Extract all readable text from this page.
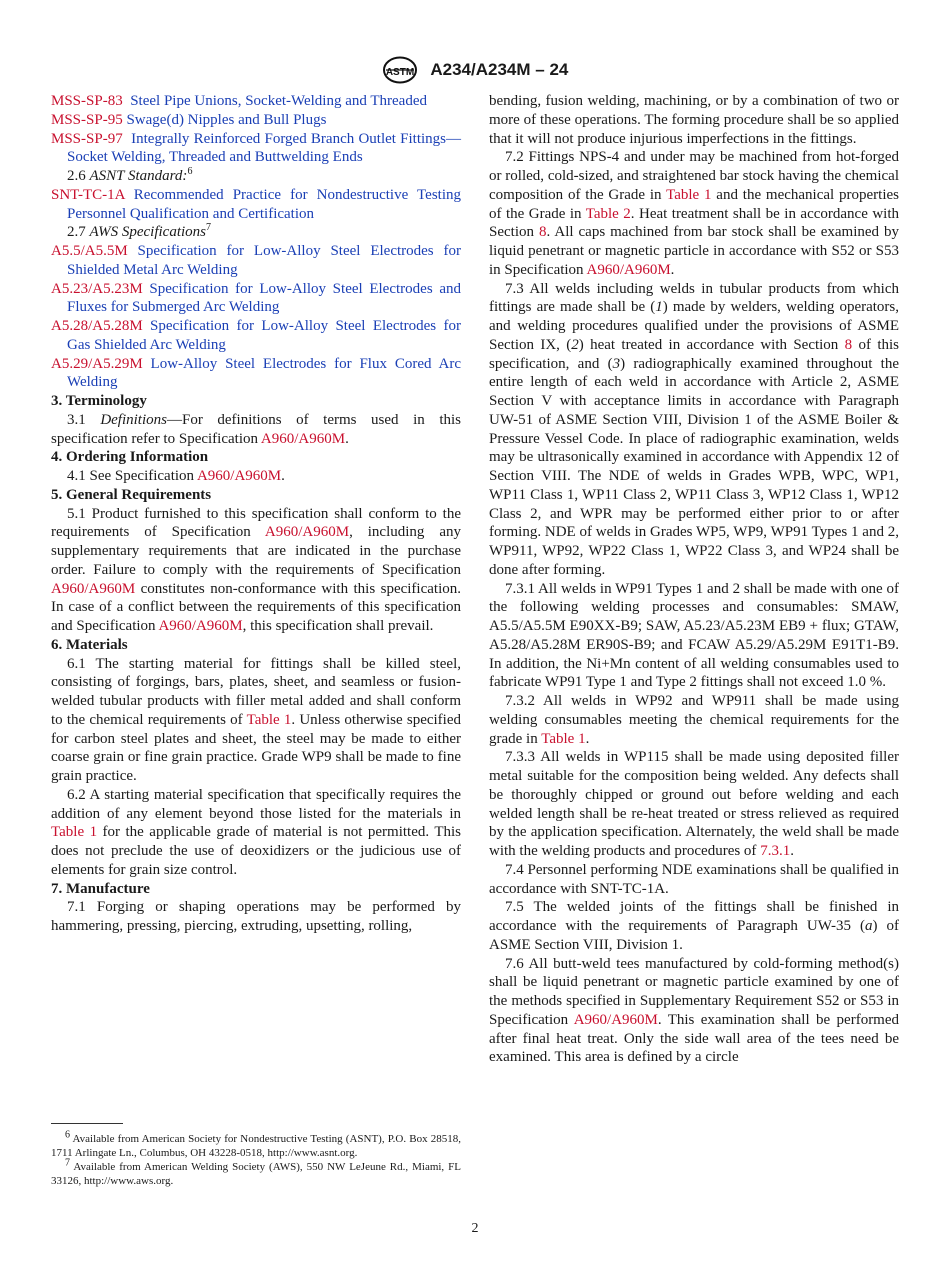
ASTM A234/A234M – 24

MSS-SP-83 Steel Pipe Unions, Socket-Welding and Threaded

MSS-SP-95 Swage(d) Nipples and Bull Plugs

MSS-SP-97 Integrally Reinforced Forged Branch Outlet Fittings—Socket Welding, Threaded and Buttwelding Ends

2.6 ASNT Standard:$^6$

SNT-TC-1A Recommended Practice for Nondestructive Testing Personnel Qualification and Certification

2.7 AWS Specifications$^7$

A5.5/A5.5M Specification for Low-Alloy Steel Electrodes for Shielded Metal Arc Welding

A5.23/A5.23M Specification for Low-Alloy Steel Electrodes and Fluxes for Submerged Arc Welding

A5.28/A5.28M Specification for Low-Alloy Steel Electrodes for Gas Shielded Arc Welding

A5.29/A5.29M Low-Alloy Steel Electrodes for Flux Cored Arc Welding

3. Terminology

3.1 Definitions—For definitions of terms used in this specification refer to Specification A960/A960M.

4. Ordering Information

4.1 See Specification A960/A960M.

5. General Requirements

5.1 Product furnished to this specification shall conform to the requirements of Specification A960/A960M, including any supplementary requirements that are indicated in the purchase order. Failure to comply with the requirements of Specification A960/A960M constitutes non-conformance with this specification. In case of a conflict between the requirements of this specification and Specification A960/A960M, this specification shall prevail.

6. Materials

6.1 The starting material for fittings shall be killed steel, consisting of forgings, bars, plates, sheet, and seamless or fusion-welded tubular products with filler metal added and shall conform to the chemical requirements of Table 1. Unless otherwise specified for carbon steel plates and sheet, the steel may be made to either coarse grain or fine grain practice. Grade WP9 shall be made to fine grain practice.

6.2 A starting material specification that specifically requires the addition of any element beyond those listed for the materials in Table 1 for the applicable grade of material is not permitted. This does not preclude the use of deoxidizers or the judicious use of elements for grain size control.

7. Manufacture

7.1 Forging or shaping operations may be performed by hammering, pressing, piercing, extruding, upsetting, rolling,

bending, fusion welding, machining, or by a combination of two or more of these operations. The forming procedure shall be so applied that it will not produce injurious imperfections in the fittings.

7.2 Fittings NPS-4 and under may be machined from hot-forged or rolled, cold-sized, and straightened bar stock having the chemical composition of the Grade in Table 1 and the mechanical properties of the Grade in Table 2. Heat treatment shall be in accordance with Section 8. All caps machined from bar stock shall be examined by liquid penetrant or magnetic particle in accordance with S52 or S53 in Specification A960/A960M.

7.3 All welds including welds in tubular products from which fittings are made shall be (1) made by welders, welding operators, and welding procedures qualified under the provisions of ASME Section IX, (2) heat treated in accordance with Section 8 of this specification, and (3) radiographically examined throughout the entire length of each weld in accordance with Article 2, ASME Section V with acceptance limits in accordance with Paragraph UW-51 of ASME Section VIII, Division 1 of the ASME Boiler & Pressure Vessel Code. In place of radiographic examination, welds may be ultrasonically examined in accordance with Appendix 12 of Section VIII. The NDE of welds in Grades WPB, WPC, WP1, WP11 Class 1, WP11 Class 2, WP11 Class 3, WP12 Class 1, WP12 Class 2, and WPR may be performed either prior to or after forming. NDE of welds in Grades WP5, WP9, WP91 Types 1 and 2, WP911, WP92, WP22 Class 1, WP22 Class 3, and WP24 shall be done after forming.

7.3.1 All welds in WP91 Types 1 and 2 shall be made with one of the following welding processes and consumables: SMAW, A5.5/A5.5M E90XX-B9; SAW, A5.23/A5.23M EB9 + flux; GTAW, A5.28/A5.28M ER90S-B9; and FCAW A5.29/A5.29M E91T1-B9. In addition, the Ni+Mn content of all welding consumables used to fabricate WP91 Type 1 and Type 2 fittings shall not exceed 1.0 %.

7.3.2 All welds in WP92 and WP911 shall be made using welding consumables meeting the chemical requirements for the grade in Table 1.

7.3.3 All welds in WP115 shall be made using deposited filler metal suitable for the composition being welded. Any defects shall be thoroughly chipped or ground out before welding and each welded length shall be re-heat treated or stress relieved as required by the application specification. Alternately, the weld shall be made with the welding products and procedures of 7.3.1.

7.4 Personnel performing NDE examinations shall be qualified in accordance with SNT-TC-1A.

7.5 The welded joints of the fittings shall be finished in accordance with the requirements of Paragraph UW-35 (a) of ASME Section VIII, Division 1.

7.6 All butt-weld tees manufactured by cold-forming method(s) shall be liquid penetrant or magnetic particle examined by one of the methods specified in Supplementary Requirement S52 or S53 in Specification A960/A960M. This examination shall be performed after final heat treat. Only the side wall area of the tees need be examined. This area is defined by a circle

$^6$ Available from American Society for Nondestructive Testing (ASNT), P.O. Box 28518, 1711 Arlingate Ln., Columbus, OH 43228-0518, http://www.asnt.org.

$^7$ Available from American Welding Society (AWS), 550 NW LeJeune Rd., Miami, FL 33126, http://www.aws.org.

2
